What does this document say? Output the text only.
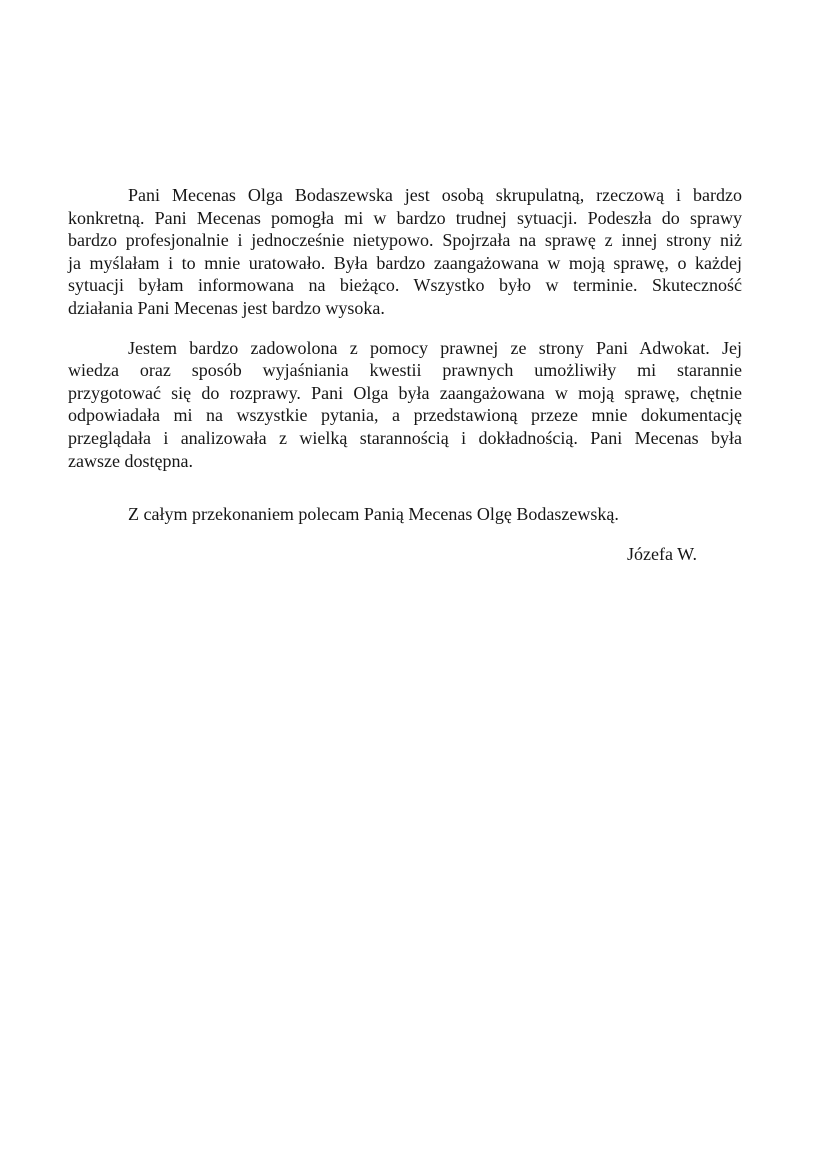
Pani Mecenas Olga Bodaszewska jest osobą skrupulatną, rzeczową i bardzo
konkretną. Pani Mecenas pomogła mi w bardzo trudnej sytuacji. Podeszła do sprawy
bardzo profesjonalnie i jednocześnie nietypowo. Spojrzała na sprawę z innej strony niż
ja myślałam i to mnie uratowało. Była bardzo zaangażowana w moją sprawę, o każdej
sytuacji byłam informowana na bieżąco. Wszystko było w terminie. Skuteczność
działania Pani Mecenas jest bardzo wysoka.
Jestem bardzo zadowolona z pomocy prawnej ze strony Pani Adwokat. Jej
wiedza oraz sposób wyjaśniania kwestii prawnych umożliwiły mi starannie
przygotować się do rozprawy. Pani Olga była zaangażowana w moją sprawę, chętnie
odpowiadała mi na wszystkie pytania, a przedstawioną przeze mnie dokumentację
przeglądała i analizowała z wielką starannością i dokładnością. Pani Mecenas była
zawsze dostępna.
Z całym przekonaniem polecam Panią Mecenas Olgę Bodaszewską.
Józefa W.
